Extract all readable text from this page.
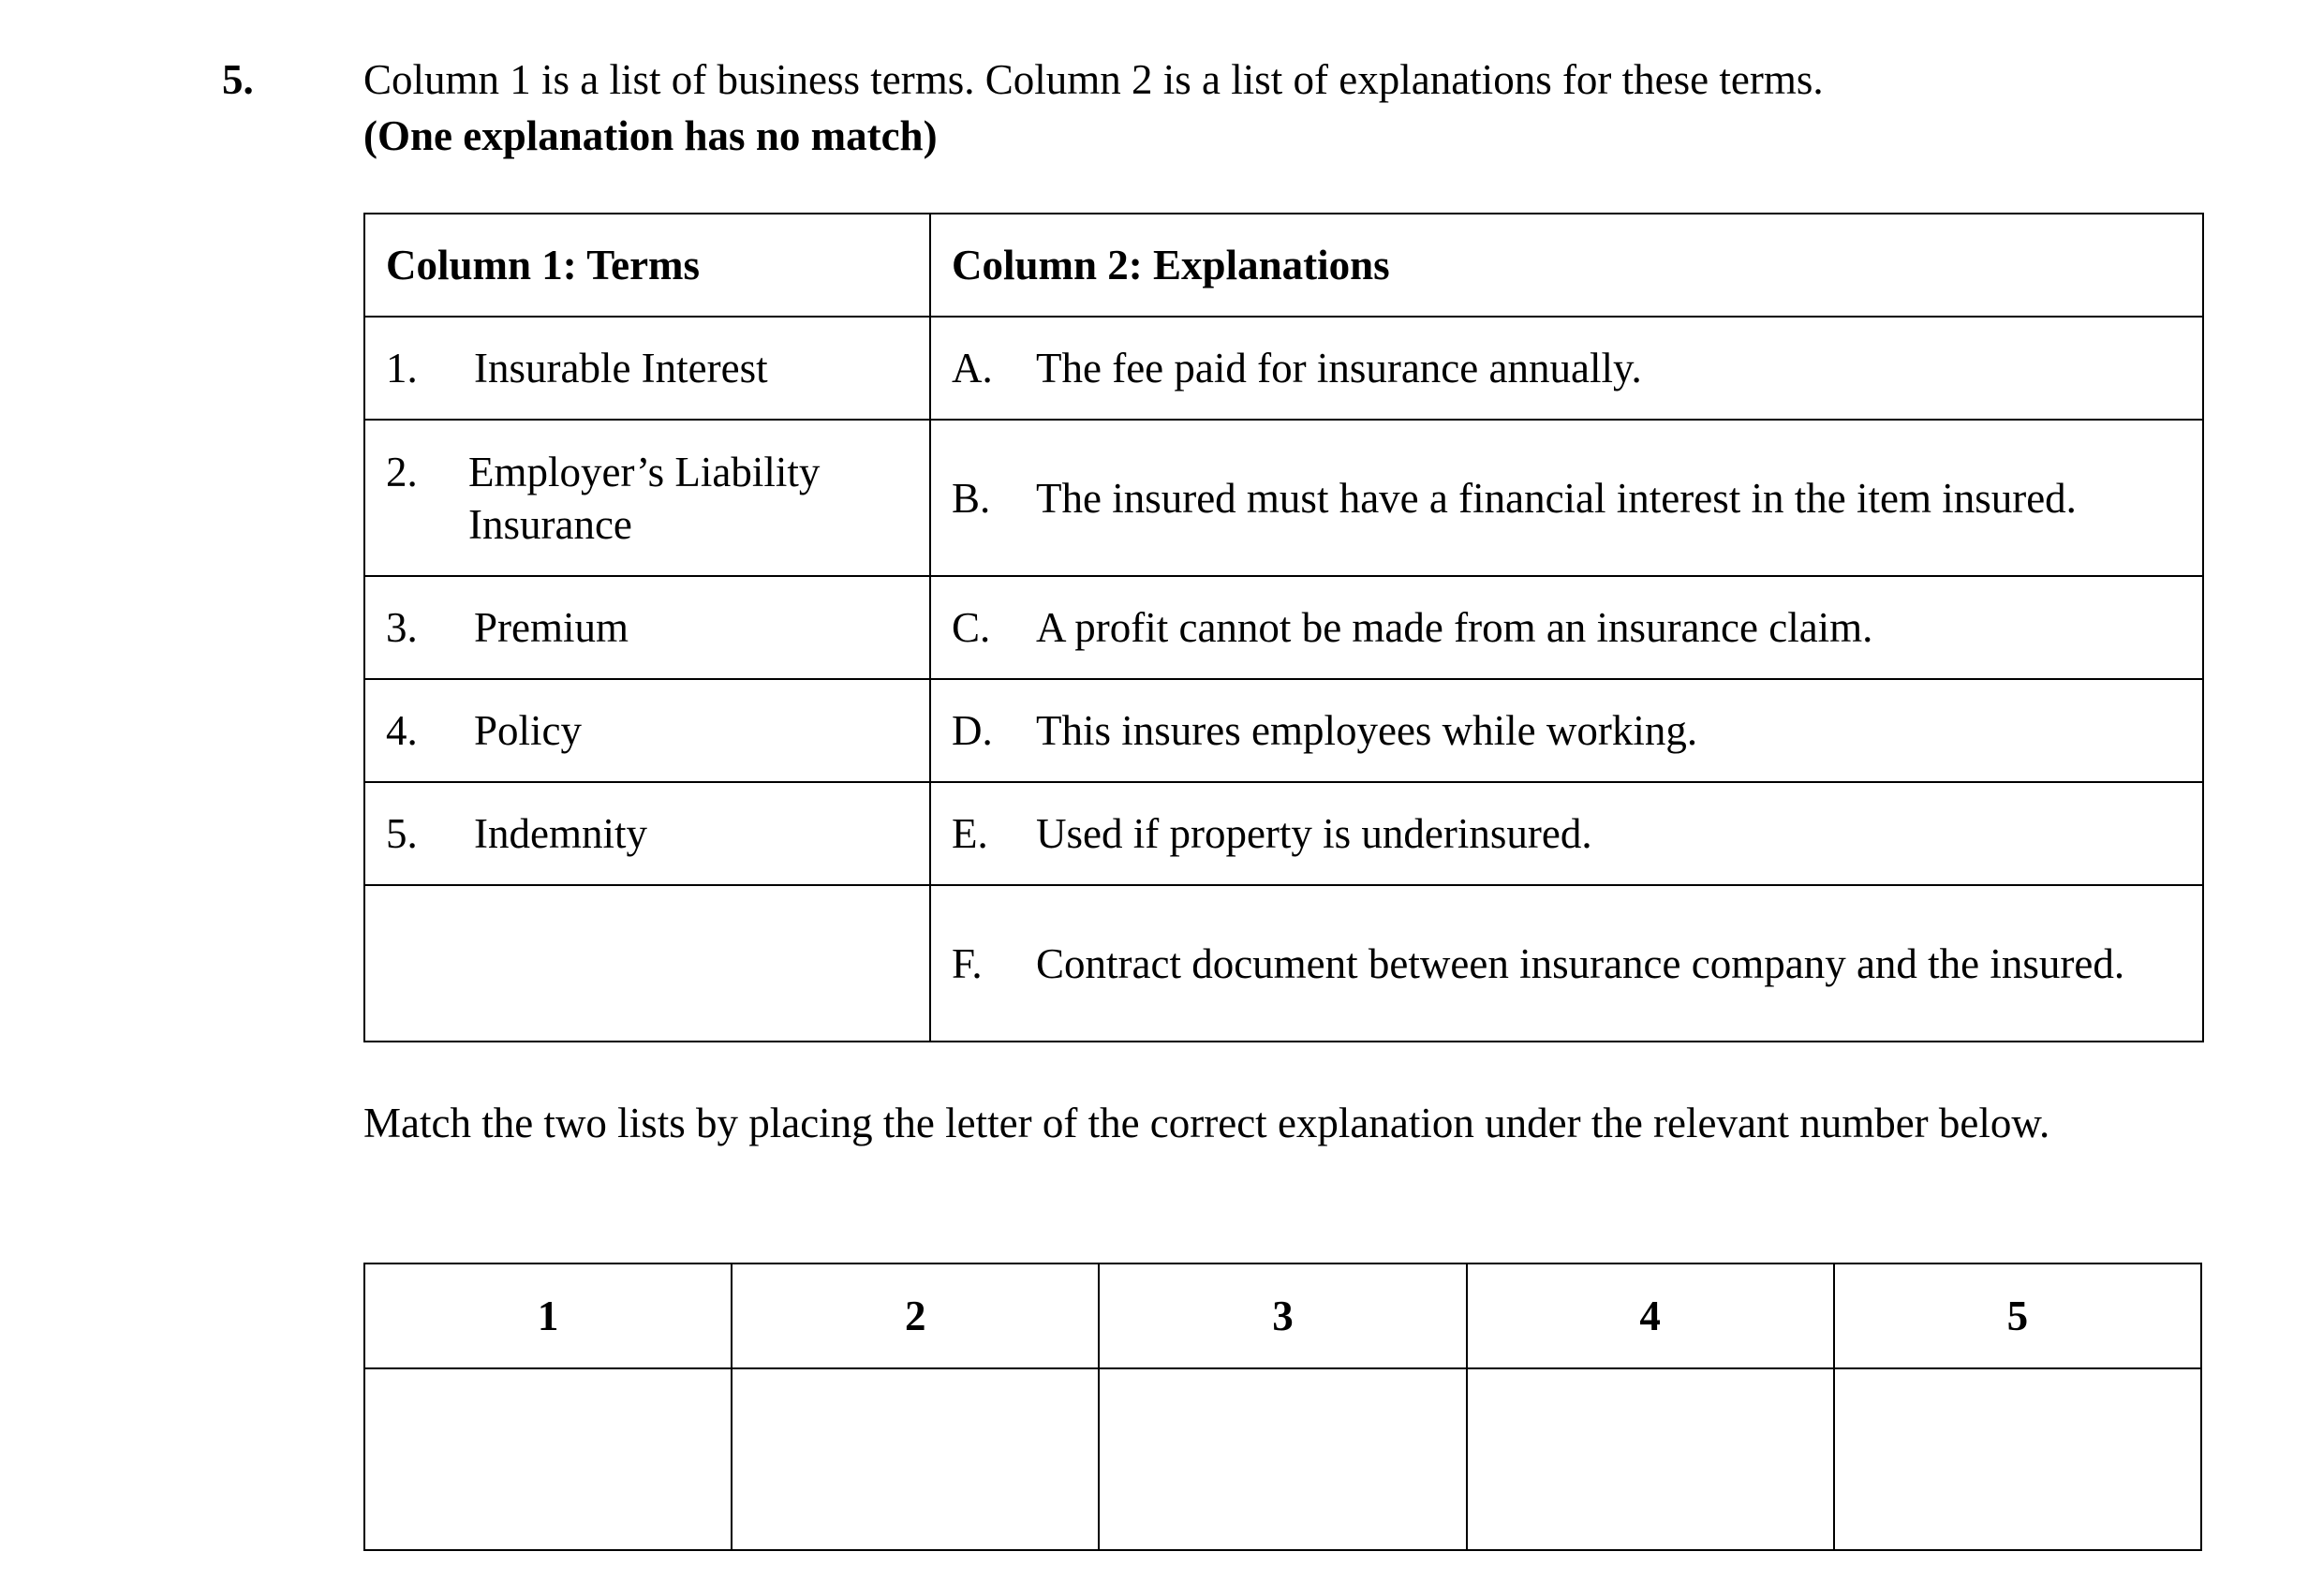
5.	Column 1 is a list of business terms. Column 2 is a list of explanations for these terms.
(One explanation has no match)
Column 1: Terms	Column 2: Explanations

1. Insurable Interest	A. The fee paid for insurance annually.

2. Employer’s Liability Insurance	B. The insured must have a financial interest in the item insured.

3. Premium	C. A profit cannot be made from an insurance claim.

4. Policy	D. This insures employees while working.

5. Indemnity	E. Used if property is underinsured.

	F. Contract document between insurance company and the insured.
Match the two lists by placing the letter of the correct explanation under the relevant number below.
1	2	3	4	5
